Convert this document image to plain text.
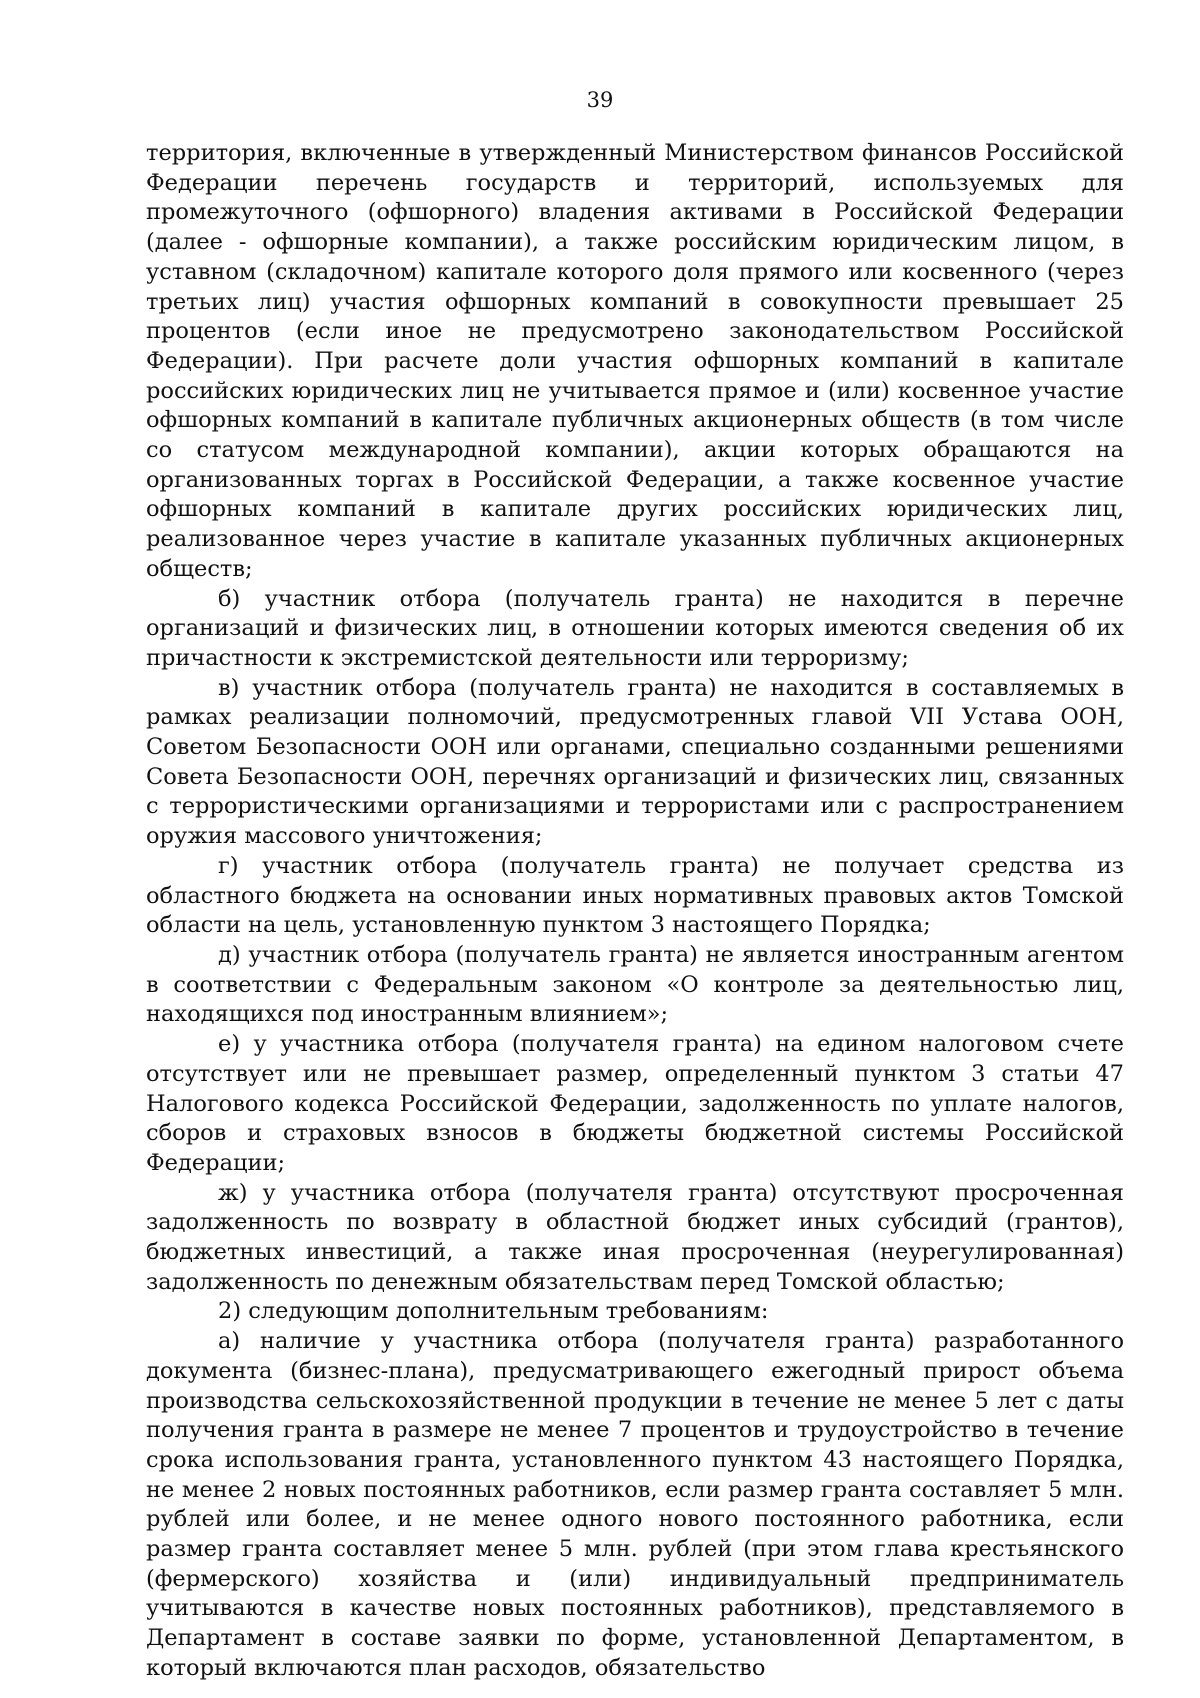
39

территория, включенные в утвержденный Министерством финансов Российской Федерации перечень государств и территорий, используемых для промежуточного (офшорного) владения активами в Российской Федерации (далее - офшорные компании), а также российским юридическим лицом, в уставном (складочном) капитале которого доля прямого или косвенного (через третьих лиц) участия офшорных компаний в совокупности превышает 25 процентов (если иное не предусмотрено законодательством Российской Федерации). При расчете доли участия офшорных компаний в капитале российских юридических лиц не учитывается прямое и (или) косвенное участие офшорных компаний в капитале публичных акционерных обществ (в том числе со статусом международной компании), акции которых обращаются на организованных торгах в Российской Федерации, а также косвенное участие офшорных компаний в капитале других российских юридических лиц, реализованное через участие в капитале указанных публичных акционерных обществ;

б) участник отбора (получатель гранта) не находится в перечне организаций и физических лиц, в отношении которых имеются сведения об их причастности к экстремистской деятельности или терроризму;

в) участник отбора (получатель гранта) не находится в составляемых в рамках реализации полномочий, предусмотренных главой VII Устава ООН, Советом Безопасности ООН или органами, специально созданными решениями Совета Безопасности ООН, перечнях организаций и физических лиц, связанных с террористическими организациями и террористами или с распространением оружия массового уничтожения;

г) участник отбора (получатель гранта) не получает средства из областного бюджета на основании иных нормативных правовых актов Томской области на цель, установленную пунктом 3 настоящего Порядка;

д) участник отбора (получатель гранта) не является иностранным агентом в соответствии с Федеральным законом «О контроле за деятельностью лиц, находящихся под иностранным влиянием»;

е) у участника отбора (получателя гранта) на едином налоговом счете отсутствует или не превышает размер, определенный пунктом 3 статьи 47 Налогового кодекса Российской Федерации, задолженность по уплате налогов, сборов и страховых взносов в бюджеты бюджетной системы Российской Федерации;

ж) у участника отбора (получателя гранта) отсутствуют просроченная задолженность по возврату в областной бюджет иных субсидий (грантов), бюджетных инвестиций, а также иная просроченная (неурегулированная) задолженность по денежным обязательствам перед Томской областью;

2) следующим дополнительным требованиям:

а) наличие у участника отбора (получателя гранта) разработанного документа (бизнес-плана), предусматривающего ежегодный прирост объема производства сельскохозяйственной продукции в течение не менее 5 лет с даты получения гранта в размере не менее 7 процентов и трудоустройство в течение срока использования гранта, установленного пунктом 43 настоящего Порядка, не менее 2 новых постоянных работников, если размер гранта составляет 5 млн. рублей или более, и не менее одного нового постоянного работника, если размер гранта составляет менее 5 млн. рублей (при этом глава крестьянского (фермерского) хозяйства и (или) индивидуальный предприниматель учитываются в качестве новых постоянных работников), представляемого в Департамент в составе заявки по форме, установленной Департаментом, в который включаются план расходов, обязательство
